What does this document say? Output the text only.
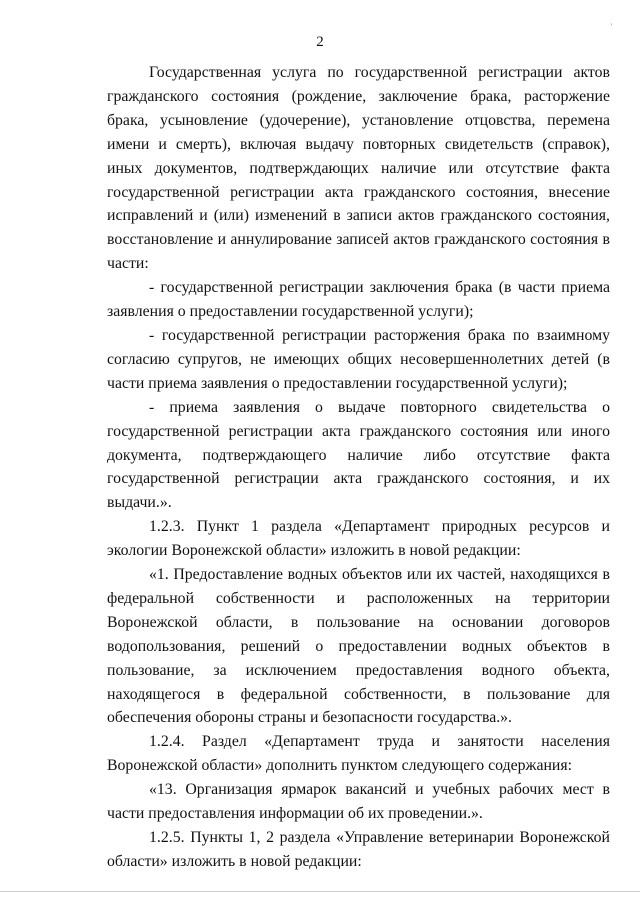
'
2

Государственная услуга по государственной регистрации актов гражданского состояния (рождение, заключение брака, расторжение брака, усыновление (удочерение), установление отцовства, перемена имени и смерть), включая выдачу повторных свидетельств (справок), иных документов, подтверждающих наличие или отсутствие факта государственной регистрации акта гражданского состояния, внесение исправлений и (или) изменений в записи актов гражданского состояния, восстановление и аннулирование записей актов гражданского состояния в части:

- государственной регистрации заключения брака (в части приема заявления о предоставлении государственной услуги);

- государственной регистрации расторжения брака по взаимному согласию супругов, не имеющих общих несовершеннолетних детей (в части приема заявления о предоставлении государственной услуги);

- приема заявления о выдаче повторного свидетельства о государственной регистрации акта гражданского состояния или иного документа, подтверждающего наличие либо отсутствие факта государственной регистрации акта гражданского состояния, и их выдачи.».

1.2.3. Пункт 1 раздела «Департамент природных ресурсов и экологии Воронежской области» изложить в новой редакции:

«1. Предоставление водных объектов или их частей, находящихся в федеральной собственности и расположенных на территории Воронежской области, в пользование на основании договоров водопользования, решений о предоставлении водных объектов в пользование, за исключением предоставления водного объекта, находящегося в федеральной собственности, в пользование для обеспечения обороны страны и безопасности государства.».

1.2.4. Раздел «Департамент труда и занятости населения Воронежской области» дополнить пунктом следующего содержания:

«13. Организация ярмарок вакансий и учебных рабочих мест в части предоставления информации об их проведении.».

1.2.5. Пункты 1, 2 раздела «Управление ветеринарии Воронежской области» изложить в новой редакции:
